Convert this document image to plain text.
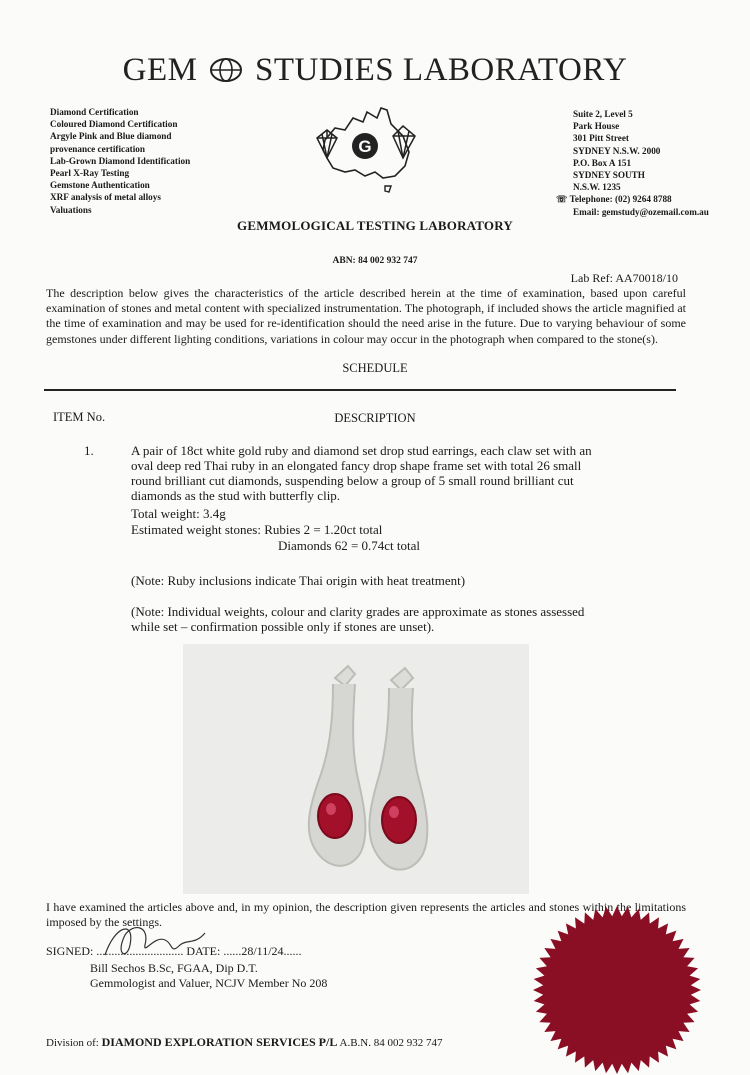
GEM STUDIES LABORATORY
Diamond Certification
Coloured Diamond Certification
Argyle Pink and Blue diamond
provenance certification
Lab-Grown Diamond Identification
Pearl X-Ray Testing
Gemstone Authentication
XRF analysis of metal alloys
Valuations
G
Suite 2, Level 5
Park House
301 Pitt Street
SYDNEY N.S.W. 2000
P.O. Box A 151
SYDNEY SOUTH
N.S.W. 1235
☏ Telephone: (02) 9264 8788
Email: gemstudy@ozemail.com.au
GEMMOLOGICAL TESTING LABORATORY
ABN: 84 002 932 747
Lab Ref: AA70018/10
The description below gives the characteristics of the article described herein at the time of examination, based upon careful examination of stones and metal content with specialized instrumentation. The photograph, if included shows the article magnified at the time of examination and may be used for re-identification should the need arise in the future. Due to varying behaviour of some gemstones under different lighting conditions, variations in colour may occur in the photograph when compared to the stone(s).
SCHEDULE
ITEM No.	DESCRIPTION
1.	A pair of 18ct white gold ruby and diamond set drop stud earrings, each claw set with an oval deep red Thai ruby in an elongated fancy drop shape frame set with total 26 small round brilliant cut diamonds, suspending below a group of 5 small round brilliant cut diamonds as the stud with butterfly clip.
Total weight: 3.4g
Estimated weight stones: Rubies 2 = 1.20ct total
Diamonds 62 = 0.74ct total
(Note: Ruby inclusions indicate Thai origin with heat treatment)
(Note: Individual weights, colour and clarity grades are approximate as stones assessed while set – confirmation possible only if stones are unset).
I have examined the articles above and, in my opinion, the description given represents the articles and stones within the limitations imposed by the settings.
SIGNED: ............................. DATE: ......28/11/24......
Bill Sechos B.Sc, FGAA, Dip D.T.
Gemmologist and Valuer, NCJV Member No 208
Division of: DIAMOND EXPLORATION SERVICES P/L A.B.N. 84 002 932 747
